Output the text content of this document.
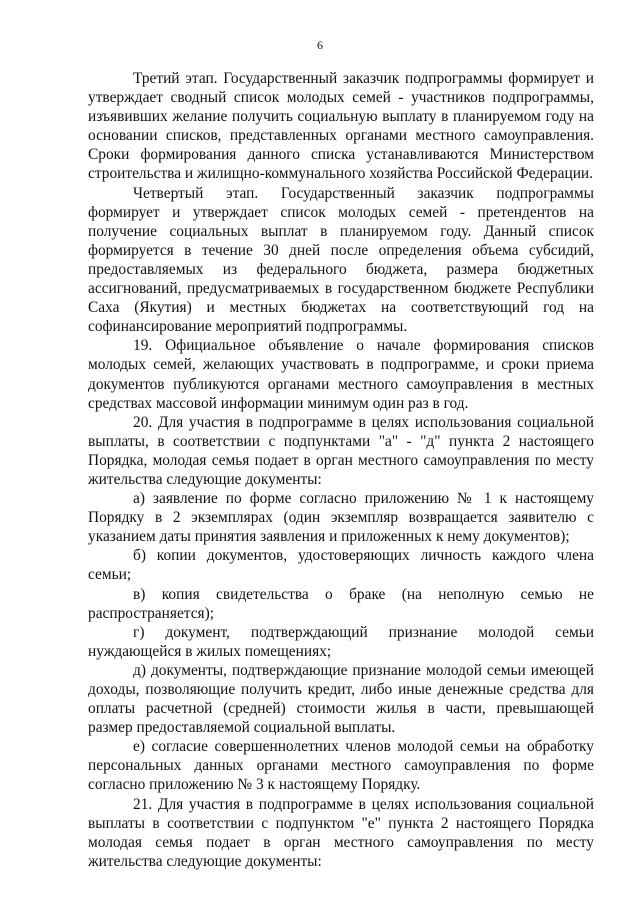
6

Третий этап. Государственный заказчик подпрограммы формирует и утверждает сводный список молодых семей - участников подпрограммы, изъявивших желание получить социальную выплату в планируемом году на основании списков, представленных органами местного самоуправления. Сроки формирования данного списка устанавливаются Министерством строительства и жилищно-коммунального хозяйства Российской Федерации.

Четвертый этап. Государственный заказчик подпрограммы формирует и утверждает список молодых семей - претендентов на получение социальных выплат в планируемом году. Данный список формируется в течение 30 дней после определения объема субсидий, предоставляемых из федерального бюджета, размера бюджетных ассигнований, предусматриваемых в государственном бюджете Республики Саха (Якутия) и местных бюджетах на соответствующий год на софинансирование мероприятий подпрограммы.

19. Официальное объявление о начале формирования списков молодых семей, желающих участвовать в подпрограмме, и сроки приема документов публикуются органами местного самоуправления в местных средствах массовой информации минимум один раз в год.

20. Для участия в подпрограмме в целях использования социальной выплаты, в соответствии с подпунктами "а" - "д" пункта 2 настоящего Порядка, молодая семья подает в орган местного самоуправления по месту жительства следующие документы:

а) заявление по форме согласно приложению № 1 к настоящему Порядку в 2 экземплярах (один экземпляр возвращается заявителю с указанием даты принятия заявления и приложенных к нему документов);

б) копии документов, удостоверяющих личность каждого члена семьи;

в) копия свидетельства о браке (на неполную семью не распространяется);

г) документ, подтверждающий признание молодой семьи нуждающейся в жилых помещениях;

д) документы, подтверждающие признание молодой семьи имеющей доходы, позволяющие получить кредит, либо иные денежные средства для оплаты расчетной (средней) стоимости жилья в части, превышающей размер предоставляемой социальной выплаты.

е) согласие совершеннолетних членов молодой семьи на обработку персональных данных органами местного самоуправления по форме согласно приложению № 3 к настоящему Порядку.

21. Для участия в подпрограмме в целях использования социальной выплаты в соответствии с подпунктом "е" пункта 2 настоящего Порядка молодая семья подает в орган местного самоуправления по месту жительства следующие документы:
